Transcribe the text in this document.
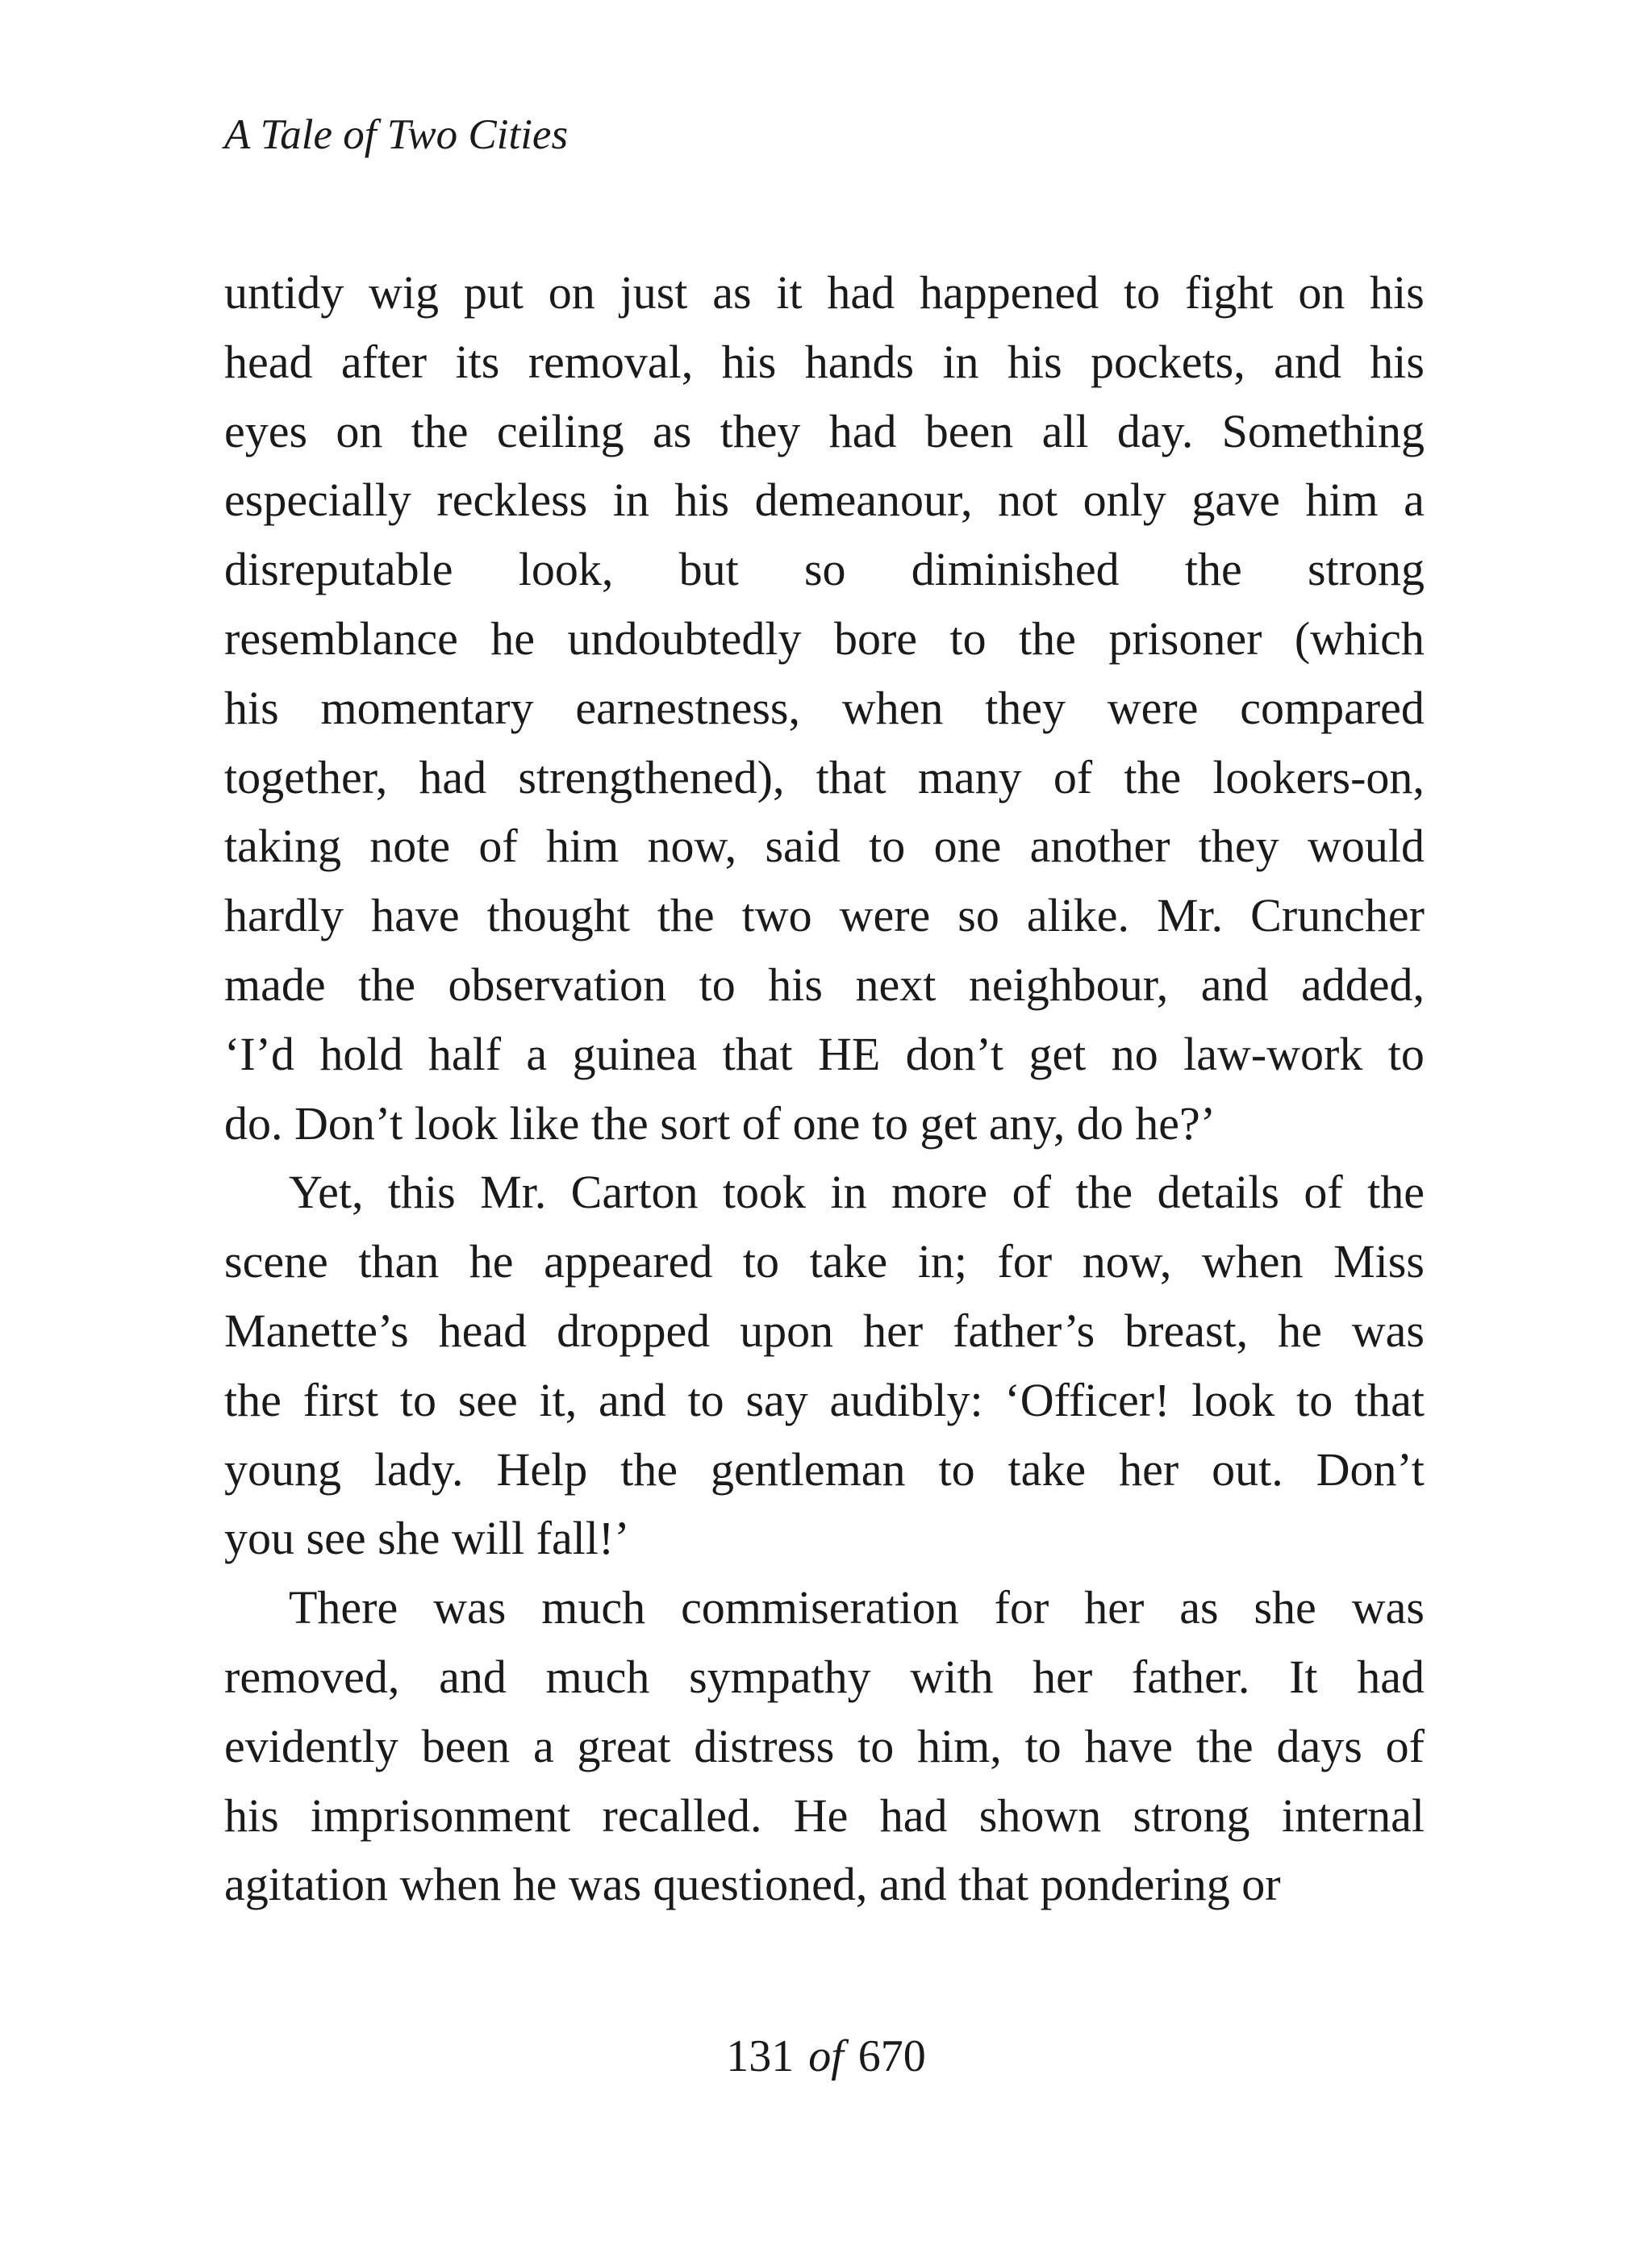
A Tale of Two Cities
untidy wig put on just as it had happened to fight on his
head after its removal, his hands in his pockets, and his
eyes on the ceiling as they had been all day. Something
especially reckless in his demeanour, not only gave him a
disreputable look, but so diminished the strong
resemblance he undoubtedly bore to the prisoner (which
his momentary earnestness, when they were compared
together, had strengthened), that many of the lookers-on,
taking note of him now, said to one another they would
hardly have thought the two were so alike. Mr. Cruncher
made the observation to his next neighbour, and added,
‘I’d hold half a guinea that HE don’t get no law-work to
do. Don’t look like the sort of one to get any, do he?’
Yet, this Mr. Carton took in more of the details of the
scene than he appeared to take in; for now, when Miss
Manette’s head dropped upon her father’s breast, he was
the first to see it, and to say audibly: ‘Officer! look to that
young lady. Help the gentleman to take her out. Don’t
you see she will fall!’
There was much commiseration for her as she was
removed, and much sympathy with her father. It had
evidently been a great distress to him, to have the days of
his imprisonment recalled. He had shown strong internal
agitation when he was questioned, and that pondering or
131 of 670
